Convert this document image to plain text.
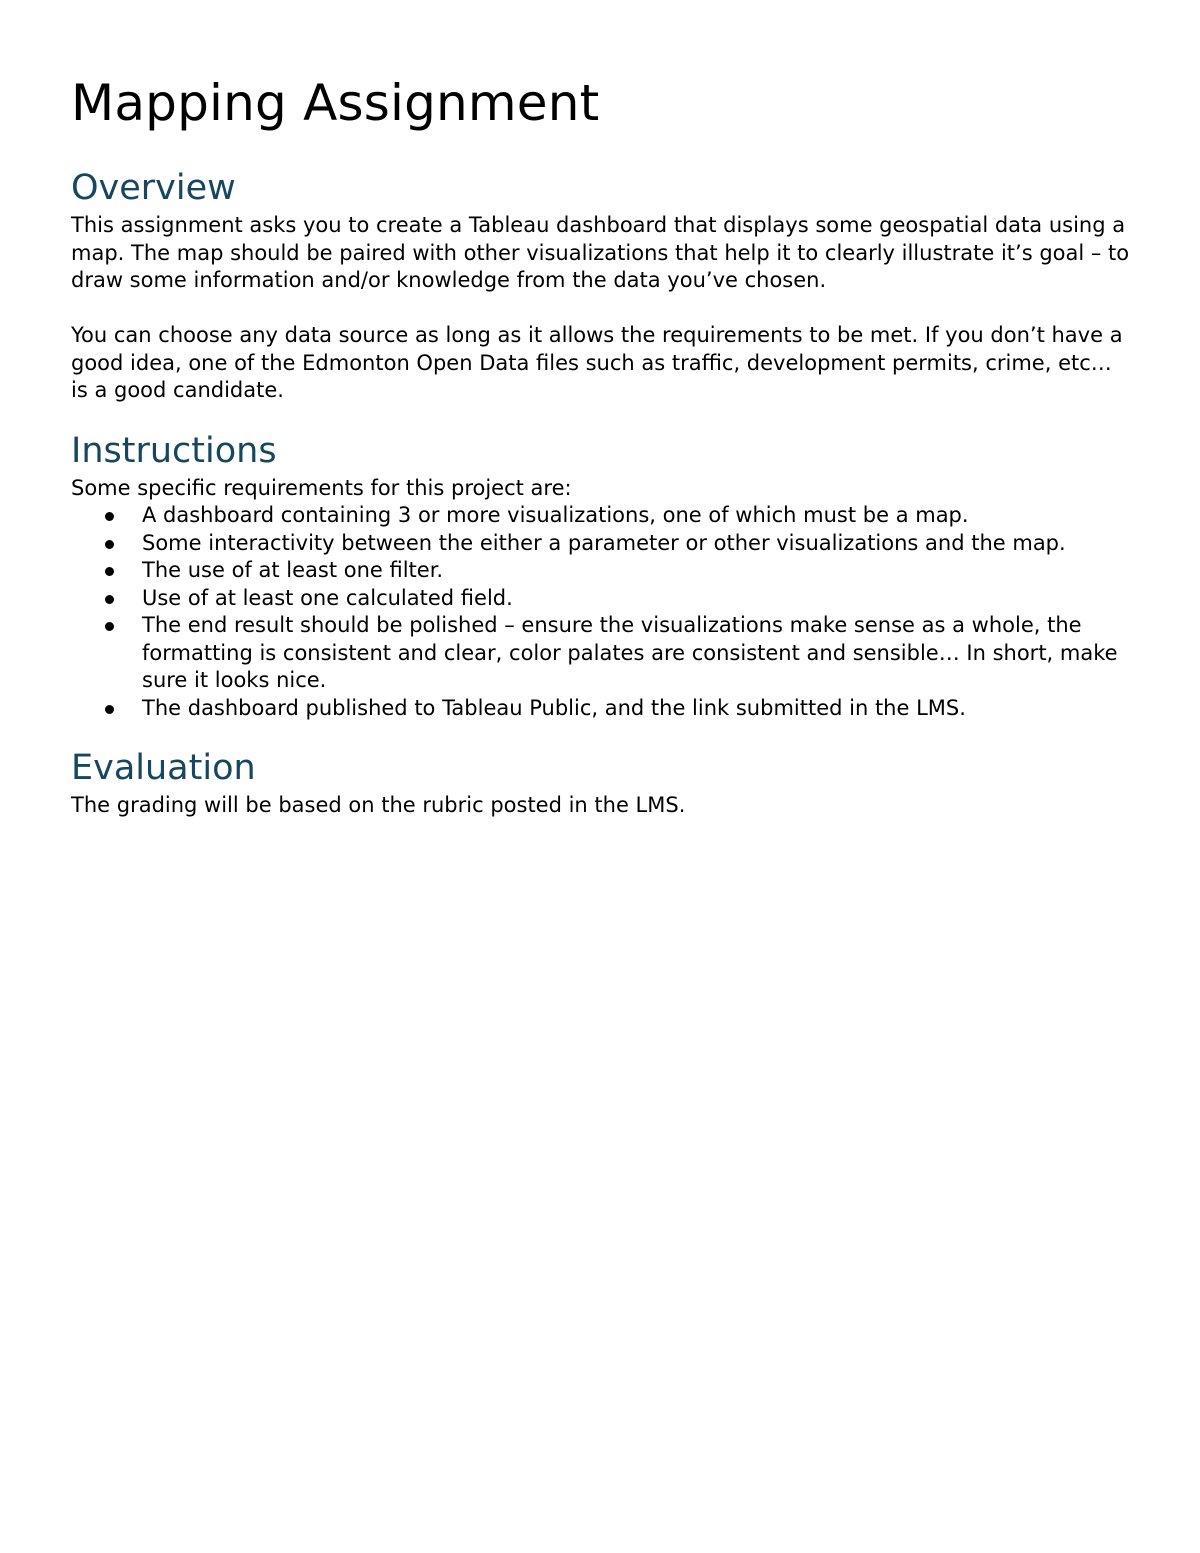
Mapping Assignment
Overview

This assignment asks you to create a Tableau dashboard that displays some geospatial data using a map. The map should be paired with other visualizations that help it to clearly illustrate it’s goal – to draw some information and/or knowledge from the data you’ve chosen.

You can choose any data source as long as it allows the requirements to be met. If you don’t have a good idea, one of the Edmonton Open Data files such as traffic, development permits, crime, etc… is a good candidate.

Instructions

Some specific requirements for this project are:

A dashboard containing 3 or more visualizations, one of which must be a map.
Some interactivity between the either a parameter or other visualizations and the map.
The use of at least one filter.
Use of at least one calculated field.
The end result should be polished – ensure the visualizations make sense as a whole, the formatting is consistent and clear, color palates are consistent and sensible… In short, make sure it looks nice.
The dashboard published to Tableau Public, and the link submitted in the LMS.
Evaluation

The grading will be based on the rubric posted in the LMS.
